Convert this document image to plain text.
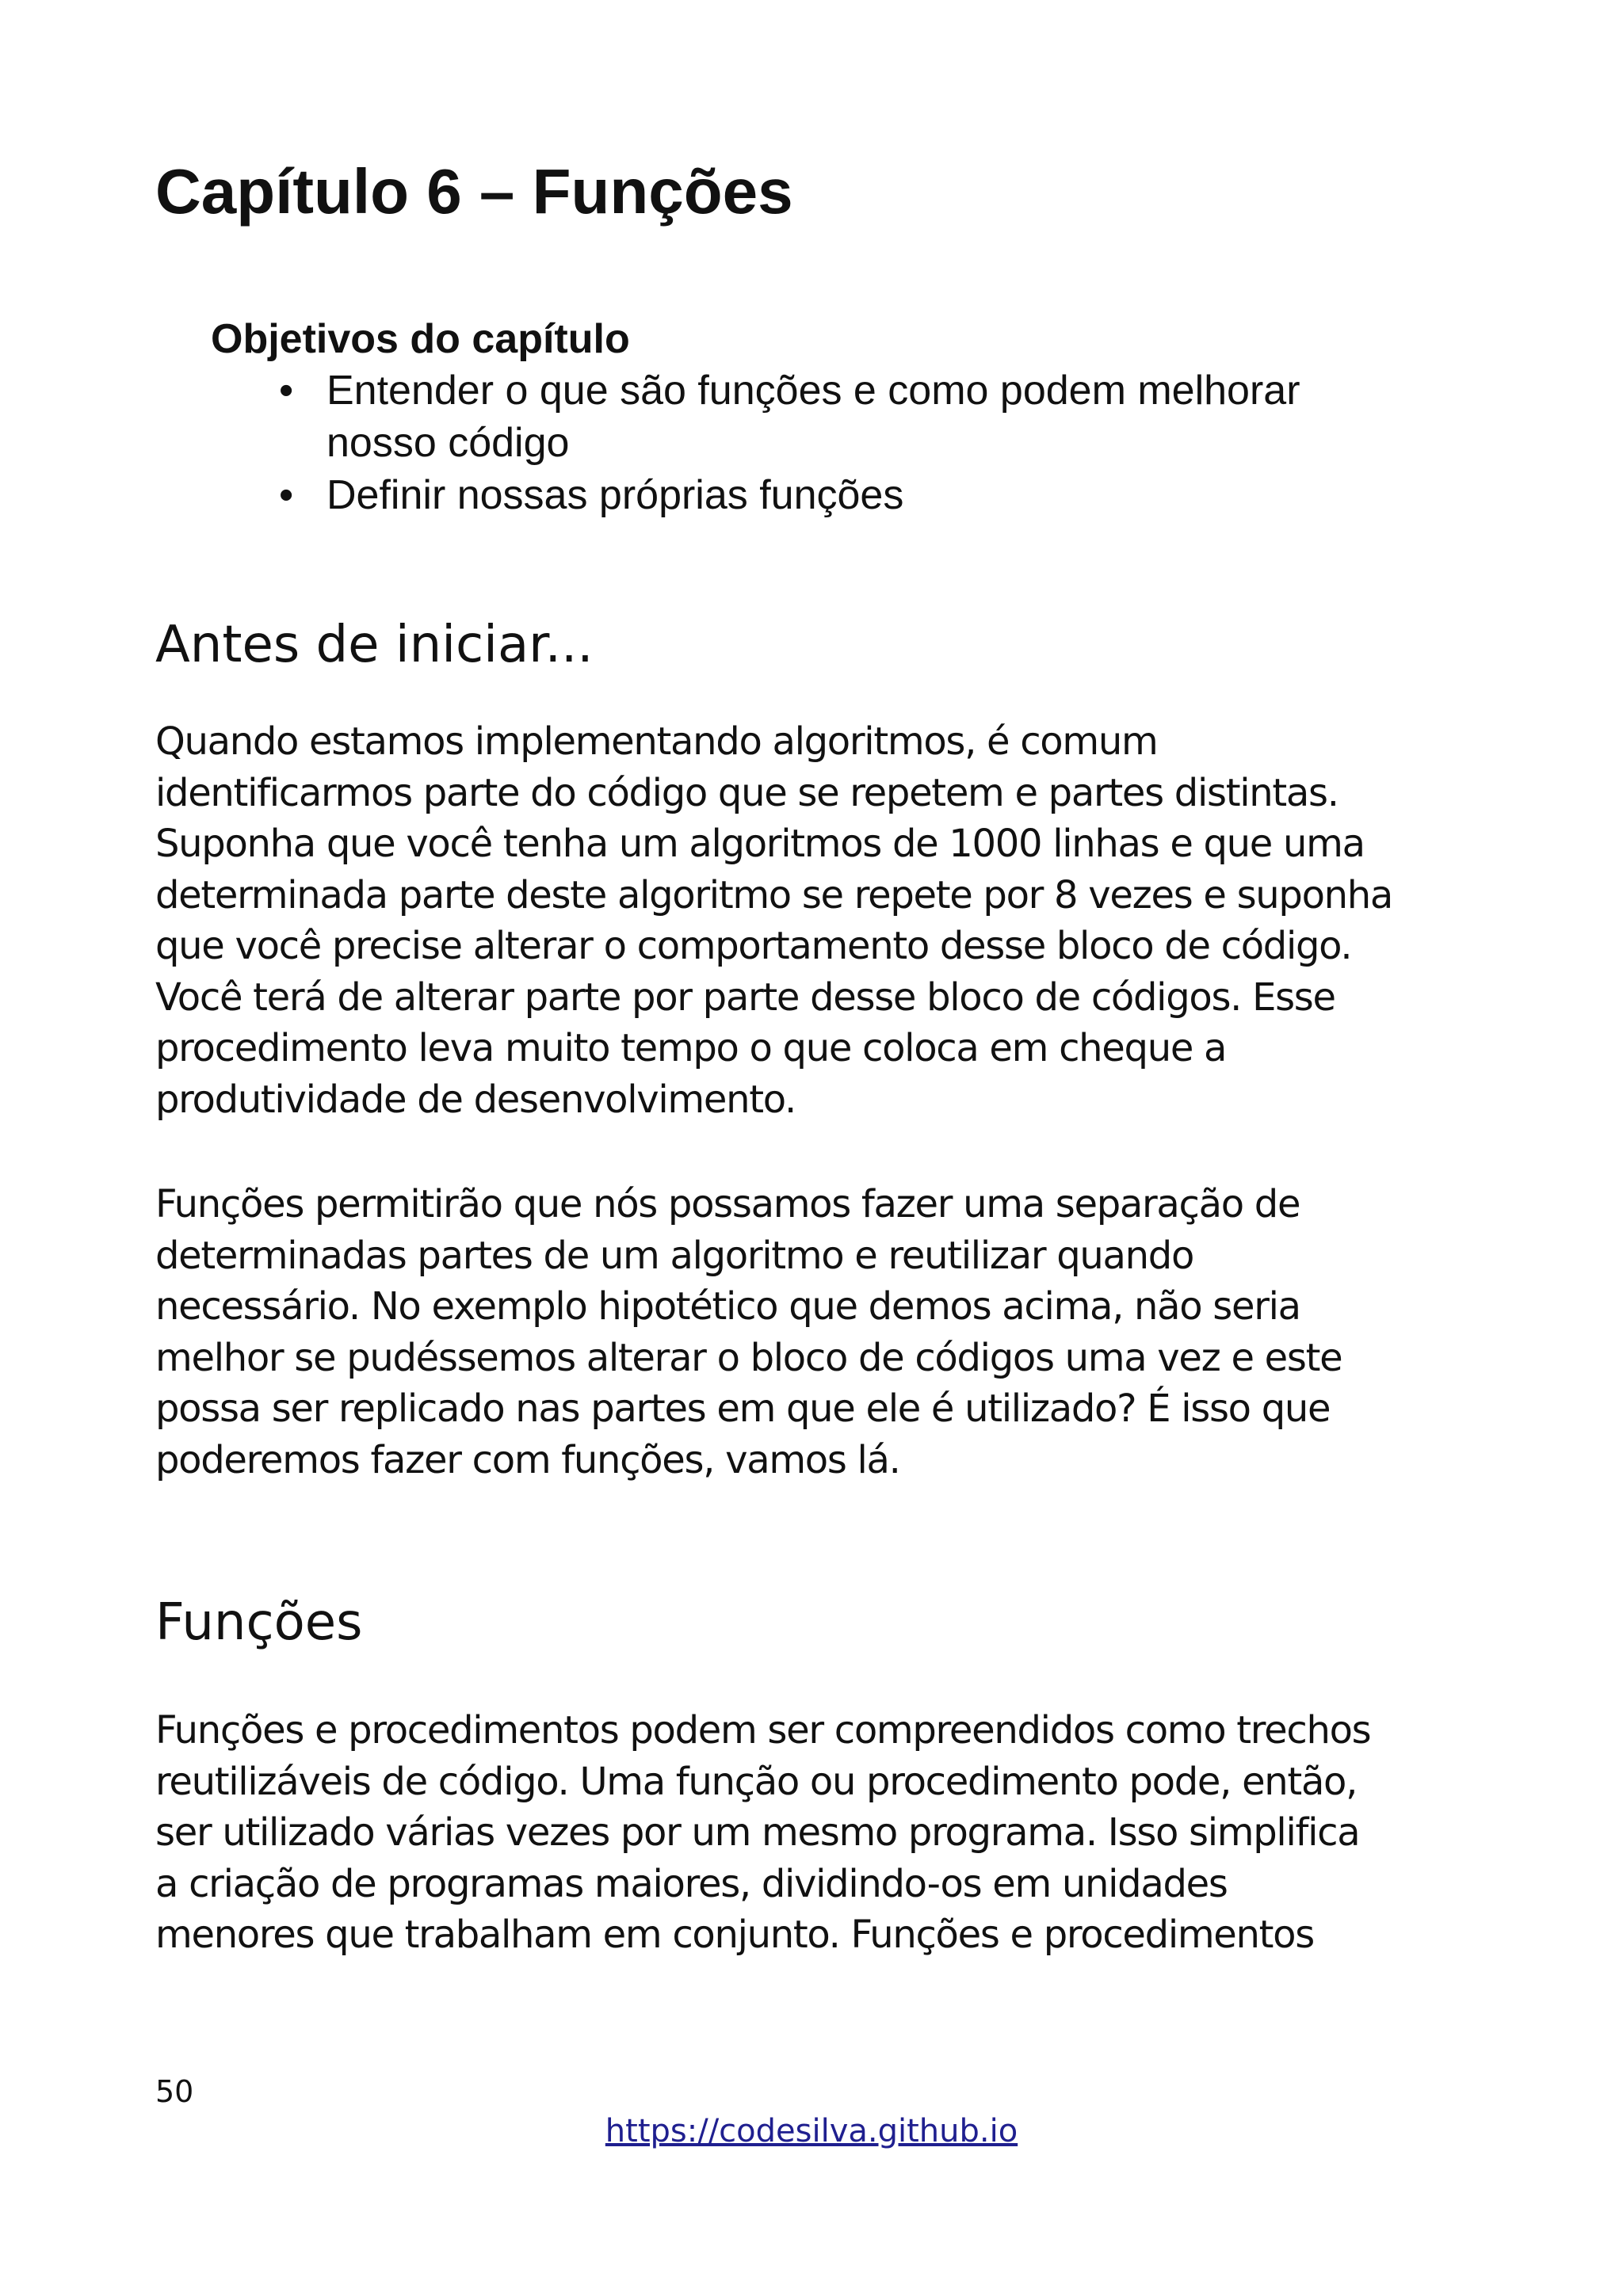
Capítulo 6 – Funções

Objetivos do capítulo

• Entender o que são funções e como podem melhorar
nosso código
• Definir nossas próprias funções
Antes de iniciar...

Quando estamos implementando algoritmos, é comum
identificarmos parte do código que se repetem e partes distintas.
Suponha que você tenha um algoritmos de 1000 linhas e que uma
determinada parte deste algoritmo se repete por 8 vezes e suponha
que você precise alterar o comportamento desse bloco de código.
Você terá de alterar parte por parte desse bloco de códigos. Esse
procedimento leva muito tempo o que coloca em cheque a
produtividade de desenvolvimento.

Funções permitirão que nós possamos fazer uma separação de
determinadas partes de um algoritmo e reutilizar quando
necessário. No exemplo hipotético que demos acima, não seria
melhor se pudéssemos alterar o bloco de códigos uma vez e este
possa ser replicado nas partes em que ele é utilizado? É isso que
poderemos fazer com funções, vamos lá.

Funções

Funções e procedimentos podem ser compreendidos como trechos
reutilizáveis de código. Uma função ou procedimento pode, então,
ser utilizado várias vezes por um mesmo programa. Isso simplifica
a criação de programas maiores, dividindo-os em unidades
menores que trabalham em conjunto. Funções e procedimentos

50
https://codesilva.github.io
